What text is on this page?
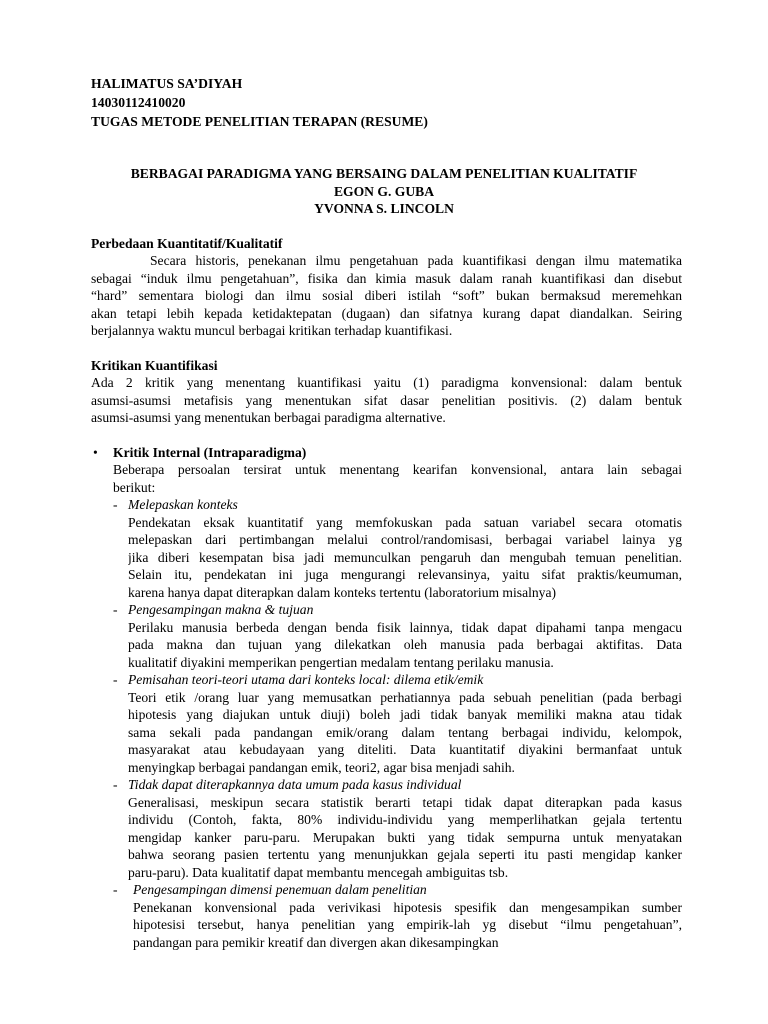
HALIMATUS SA’DIYAH
14030112410020
TUGAS METODE PENELITIAN TERAPAN (RESUME)
BERBAGAI PARADIGMA YANG BERSAING DALAM PENELITIAN KUALITATIF
EGON G. GUBA
YVONNA S. LINCOLN
Perbedaan Kuantitatif/Kualitatif
Secara historis, penekanan ilmu pengetahuan pada kuantifikasi dengan ilmu matematika
sebagai “induk ilmu pengetahuan”, fisika dan kimia masuk dalam ranah kuantifikasi dan disebut
“hard” sementara biologi dan ilmu sosial diberi istilah “soft” bukan bermaksud meremehkan
akan tetapi lebih kepada ketidaktepatan (dugaan) dan sifatnya kurang dapat diandalkan. Seiring
berjalannya waktu muncul berbagai kritikan terhadap kuantifikasi.
Kritikan Kuantifikasi
Ada 2 kritik yang menentang kuantifikasi yaitu (1) paradigma konvensional: dalam bentuk
asumsi-asumsi metafisis yang menentukan sifat dasar penelitian positivis. (2) dalam bentuk
asumsi-asumsi yang menentukan berbagai paradigma alternative.
• Kritik Internal (Intraparadigma)
Beberapa persoalan tersirat untuk menentang kearifan konvensional, antara lain sebagai
berikut:
- Melepaskan konteks
Pendekatan eksak kuantitatif yang memfokuskan pada satuan variabel secara otomatis
melepaskan dari pertimbangan melalui control/randomisasi, berbagai variabel lainya yg
jika diberi kesempatan bisa jadi memunculkan pengaruh dan mengubah temuan penelitian.
Selain itu, pendekatan ini juga mengurangi relevansinya, yaitu sifat praktis/keumuman,
karena hanya dapat diterapkan dalam konteks tertentu (laboratorium misalnya)
- Pengesampingan makna & tujuan
Perilaku manusia berbeda dengan benda fisik lainnya, tidak dapat dipahami tanpa mengacu
pada makna dan tujuan yang dilekatkan oleh manusia pada berbagai aktifitas. Data
kualitatif diyakini memperikan pengertian medalam tentang perilaku manusia.
- Pemisahan teori-teori utama dari konteks local: dilema etik/emik
Teori etik /orang luar yang memusatkan perhatiannya pada sebuah penelitian (pada berbagi
hipotesis yang diajukan untuk diuji) boleh jadi tidak banyak memiliki makna atau tidak
sama sekali pada pandangan emik/orang dalam tentang berbagai individu, kelompok,
masyarakat atau kebudayaan yang diteliti. Data kuantitatif diyakini bermanfaat untuk
menyingkap berbagai pandangan emik, teori2, agar bisa menjadi sahih.
- Tidak dapat diterapkannya data umum pada kasus individual
Generalisasi, meskipun secara statistik berarti tetapi tidak dapat diterapkan pada kasus
individu (Contoh, fakta, 80% individu-individu yang memperlihatkan gejala tertentu
mengidap kanker paru-paru. Merupakan bukti yang tidak sempurna untuk menyatakan
bahwa seorang pasien tertentu yang menunjukkan gejala seperti itu pasti mengidap kanker
paru-paru). Data kualitatif dapat membantu mencegah ambiguitas tsb.
- Pengesampingan dimensi penemuan dalam penelitian
Penekanan konvensional pada verivikasi hipotesis spesifik dan mengesampikan sumber
hipotesisi tersebut, hanya penelitian yang empirik-lah yg disebut “ilmu pengetahuan”,
pandangan para pemikir kreatif dan divergen akan dikesampingkan
